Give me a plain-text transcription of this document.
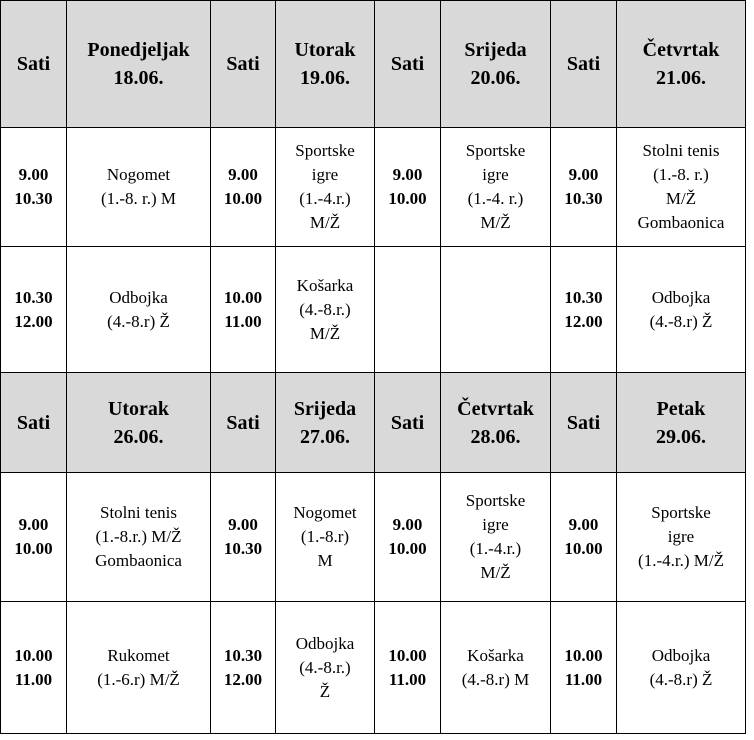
Sati	Ponedjeljak
18.06.	Sati	Utorak
19.06.	Sati	Srijeda
20.06.	Sati	Četvrtak
21.06.

9.00
10.30	Nogomet
(1.-8. r.) M	9.00
10.00	Sportske
igre
(1.-4.r.)
M/Ž	9.00
10.00	Sportske
igre
(1.-4. r.)
M/Ž	9.00
10.30	Stolni tenis
(1.-8. r.)
M/Ž
Gombaonica

10.30
12.00	Odbojka
(4.-8.r) Ž	10.00
11.00	Košarka
(4.-8.r.)
M/Ž			10.30
12.00	Odbojka
(4.-8.r) Ž

Sati	Utorak
26.06.	Sati	Srijeda
27.06.	Sati	Četvrtak
28.06.	Sati	Petak
29.06.

9.00
10.00	Stolni tenis
(1.-8.r.) M/Ž
Gombaonica	9.00
10.30	Nogomet
(1.-8.r)
M	9.00
10.00	Sportske
igre
(1.-4.r.)
M/Ž	9.00
10.00	Sportske
igre
(1.-4.r.) M/Ž

10.00
11.00	Rukomet
(1.-6.r) M/Ž	10.30
12.00	Odbojka
(4.-8.r.)
Ž	10.00
11.00	Košarka
(4.-8.r) M	10.00
11.00	Odbojka
(4.-8.r) Ž
